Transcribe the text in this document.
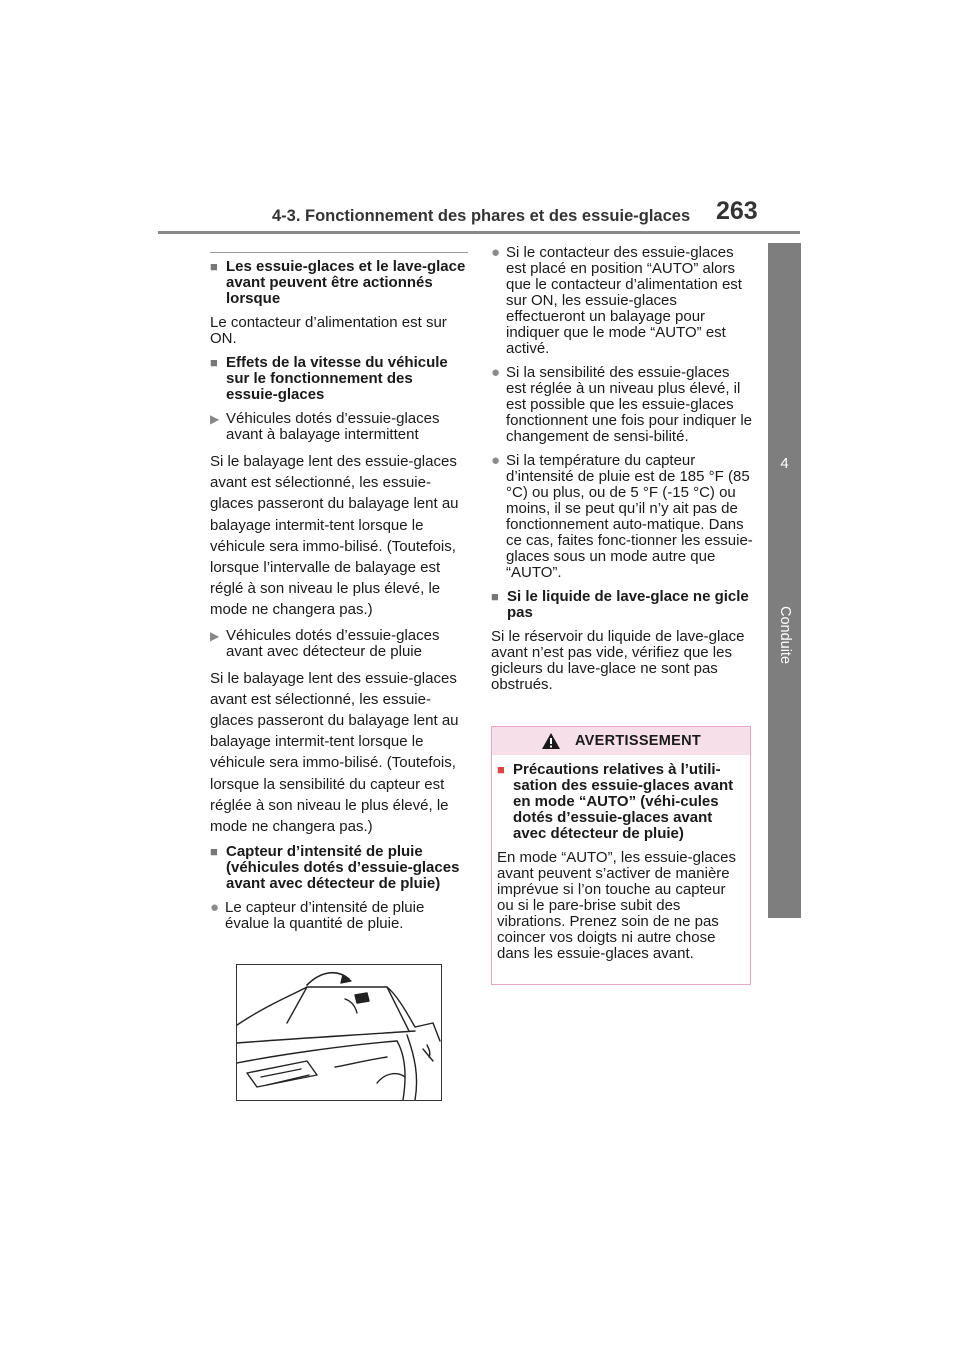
4-3. Fonctionnement des phares et des essuie-glaces 263
4
Conduite
■ Les essuie-glaces et le lave-glace avant peuvent être actionnés lorsque
Le contacteur d’alimentation est sur ON.
■ Effets de la vitesse du véhicule sur le fonctionnement des essuie-glaces
▶ Véhicules dotés d’essuie-glaces avant à balayage intermittent
Si le balayage lent des essuie-glaces avant est sélectionné, les essuie-glaces passeront du balayage lent au balayage intermit-tent lorsque le véhicule sera immo-bilisé. (Toutefois, lorsque l’intervalle de balayage est réglé à son niveau le plus élevé, le mode ne changera pas.)
▶ Véhicules dotés d’essuie-glaces avant avec détecteur de pluie
Si le balayage lent des essuie-glaces avant est sélectionné, les essuie-glaces passeront du balayage lent au balayage intermit-tent lorsque le véhicule sera immo-bilisé. (Toutefois, lorsque la sensibilité du capteur est réglée à son niveau le plus élevé, le mode ne changera pas.)
■ Capteur d’intensité de pluie (véhicules dotés d’essuie-glaces avant avec détecteur de pluie)
● Le capteur d’intensité de pluie évalue la quantité de pluie.
● Si le contacteur des essuie-glaces est placé en position “AUTO” alors que le contacteur d’alimentation est sur ON, les essuie-glaces effectueront un balayage pour indiquer que le mode “AUTO” est activé.
● Si la sensibilité des essuie-glaces est réglée à un niveau plus élevé, il est possible que les essuie-glaces fonctionnent une fois pour indiquer le changement de sensi-bilité.
● Si la température du capteur d’intensité de pluie est de 185 °F (85 °C) ou plus, ou de 5 °F (-15 °C) ou moins, il se peut qu’il n’y ait pas de fonctionnement auto-matique. Dans ce cas, faites fonc-tionner les essuie-glaces sous un mode autre que “AUTO”.
■ Si le liquide de lave-glace ne gicle pas
Si le réservoir du liquide de lave-glace avant n’est pas vide, vérifiez que les gicleurs du lave-glace ne sont pas obstrués.
AVERTISSEMENT
■ Précautions relatives à l’utili-sation des essuie-glaces avant en mode “AUTO” (véhi-cules dotés d’essuie-glaces avant avec détecteur de pluie)
En mode “AUTO”, les essuie-glaces avant peuvent s’activer de manière imprévue si l’on touche au capteur ou si le pare-brise subit des vibrations. Prenez soin de ne pas coincer vos doigts ni autre chose dans les essuie-glaces avant.
